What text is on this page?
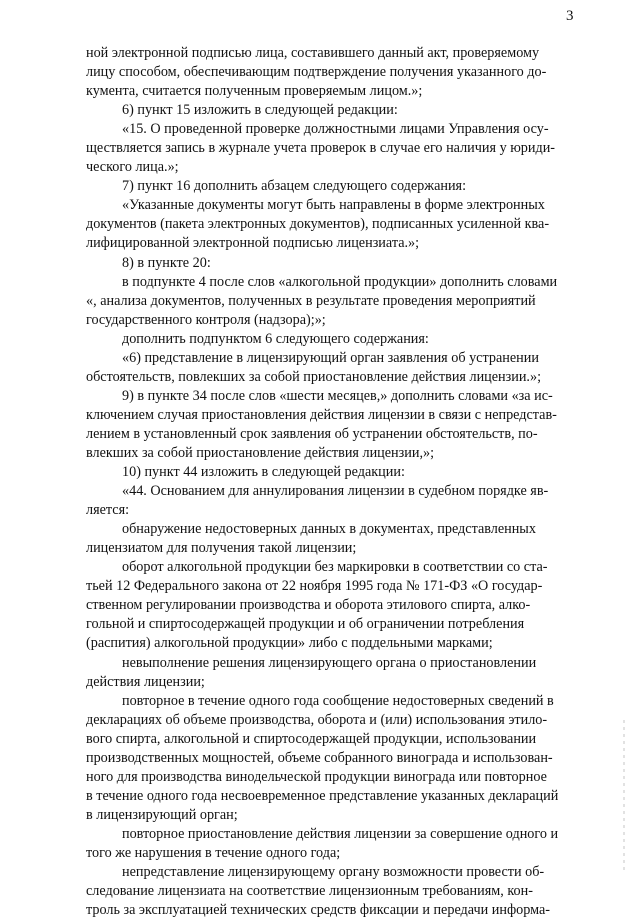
3

ной электронной подписью лица, составившего данный акт, проверяемому
лицу способом, обеспечивающим подтверждение получения указанного до-
кумента, считается полученным проверяемым лицом.»;

6) пункт 15 изложить в следующей редакции:

«15. О проведенной проверке должностными лицами Управления осу-
ществляется запись в журнале учета проверок в случае его наличия у юриди-
ческого лица.»;

7) пункт 16 дополнить абзацем следующего содержания:

«Указанные документы могут быть направлены в форме электронных
документов (пакета электронных документов), подписанных усиленной ква-
лифицированной электронной подписью лицензиата.»;

8) в пункте 20:

в подпункте 4 после слов «алкогольной продукции» дополнить словами
«, анализа документов, полученных в результате проведения мероприятий
государственного контроля (надзора);»;

дополнить подпунктом 6 следующего содержания:

«6) представление в лицензирующий орган заявления об устранении
обстоятельств, повлекших за собой приостановление действия лицензии.»;

9) в пункте 34 после слов «шести месяцев,» дополнить словами «за ис-
ключением случая приостановления действия лицензии в связи с непредстав-
лением в установленный срок заявления об устранении обстоятельств, по-
влекших за собой приостановление действия лицензии,»;

10) пункт 44 изложить в следующей редакции:

«44. Основанием для аннулирования лицензии в судебном порядке яв-
ляется:

обнаружение недостоверных данных в документах, представленных
лицензиатом для получения такой лицензии;

оборот алкогольной продукции без маркировки в соответствии со ста-
тьей 12 Федерального закона от 22 ноября 1995 года № 171-ФЗ «О государ-
ственном регулировании производства и оборота этилового спирта, алко-
гольной и спиртосодержащей продукции и об ограничении потребления
(распития) алкогольной продукции» либо с поддельными марками;

невыполнение решения лицензирующего органа о приостановлении
действия лицензии;

повторное в течение одного года сообщение недостоверных сведений в
декларациях об объеме производства, оборота и (или) использования этило-
вого спирта, алкогольной и спиртосодержащей продукции, использовании
производственных мощностей, объеме собранного винограда и использован-
ного для производства винодельческой продукции винограда или повторное
в течение одного года несвоевременное представление указанных деклараций
в лицензирующий орган;

повторное приостановление действия лицензии за совершение одного и
того же нарушения в течение одного года;

непредставление лицензирующему органу возможности провести об-
следование лицензиата на соответствие лицензионным требованиям, кон-
троль за эксплуатацией технических средств фиксации и передачи информа-
